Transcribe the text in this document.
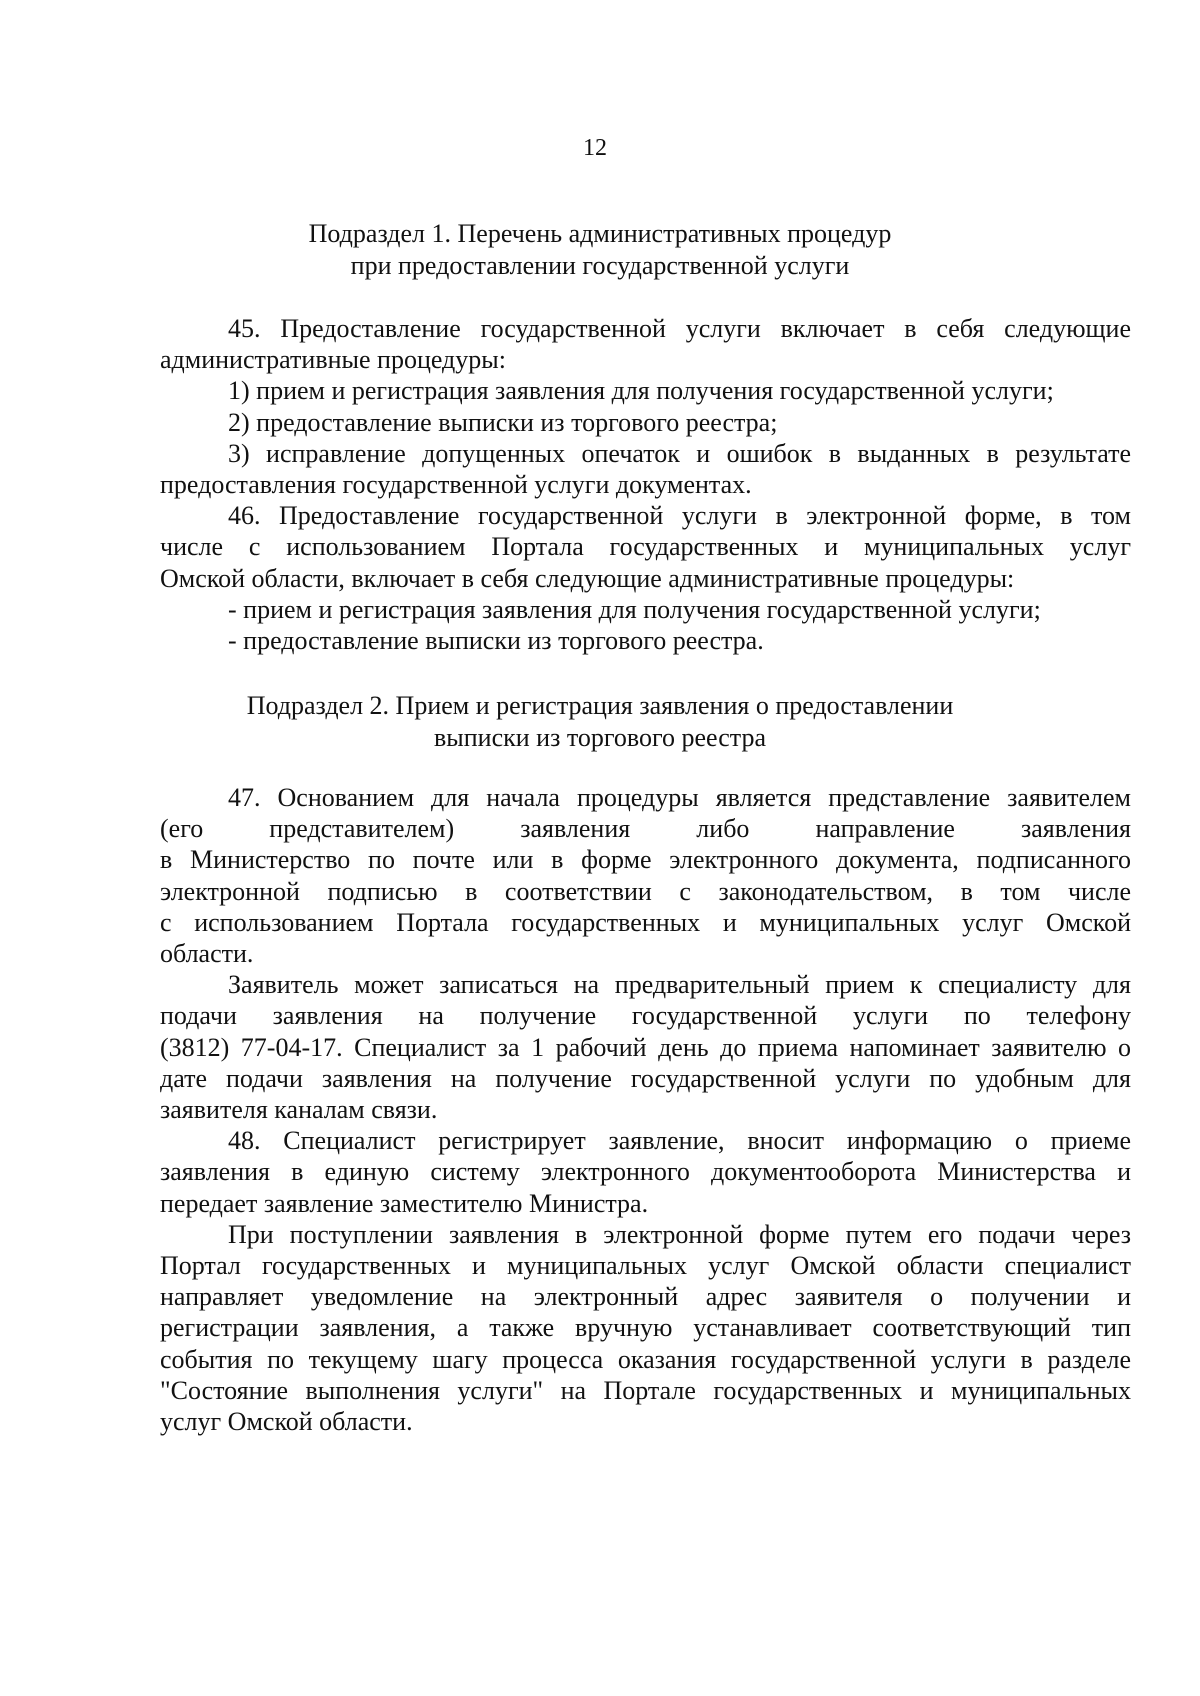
12
Подраздел 1. Перечень административных процедур
при предоставлении государственной услуги
45. Предоставление государственной услуги включает в себя следующие
административные процедуры:
1) прием и регистрация заявления для получения государственной услуги;
2) предоставление выписки из торгового реестра;
3) исправление допущенных опечаток и ошибок в выданных в результате
предоставления государственной услуги документах.
46. Предоставление государственной услуги в электронной форме, в том
числе с использованием Портала государственных и муниципальных услуг
Омской области, включает в себя следующие административные процедуры:
- прием и регистрация заявления для получения государственной услуги;
- предоставление выписки из торгового реестра.
Подраздел 2. Прием и регистрация заявления о предоставлении
выписки из торгового реестра
47. Основанием для начала процедуры является представление заявителем
(его представителем) заявления либо направление заявления
в Министерство по почте или в форме электронного документа, подписанного
электронной подписью в соответствии с законодательством, в том числе
с использованием Портала государственных и муниципальных услуг Омской
области.
Заявитель может записаться на предварительный прием к специалисту для
подачи заявления на получение государственной услуги по телефону
(3812) 77-04-17. Специалист за 1 рабочий день до приема напоминает заявителю о
дате подачи заявления на получение государственной услуги по удобным для
заявителя каналам связи.
48. Специалист регистрирует заявление, вносит информацию о приеме
заявления в единую систему электронного документооборота Министерства и
передает заявление заместителю Министра.
При поступлении заявления в электронной форме путем его подачи через
Портал государственных и муниципальных услуг Омской области специалист
направляет уведомление на электронный адрес заявителя о получении и
регистрации заявления, а также вручную устанавливает соответствующий тип
события по текущему шагу процесса оказания государственной услуги в разделе
"Состояние выполнения услуги" на Портале государственных и муниципальных
услуг Омской области.
